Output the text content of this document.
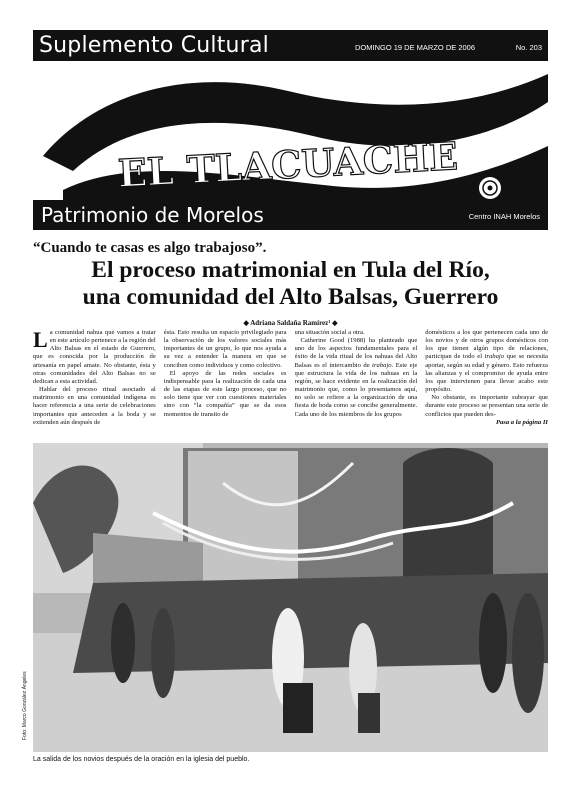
Suplemento Cultural	DOMINGO 19 DE MARZO DE 2006	No. 203
EL TLACUACHE
Patrimonio de Morelos	Centro INAH Morelos
“Cuando te casas es algo trabajoso”.
El proceso matrimonial en Tula del Río,
una comunidad del Alto Balsas, Guerrero
◆ Adriana Saldaña Ramírez¹ ◆

La comunidad nahua que vamos a tratar en este artículo pertenece a la región del Alto Balsas en el estado de Guerrero, que es conocida por la producción de artesanía en papel amate. No obstante, ésta y otras comunidades del Alto Balsas no se dedican a esta actividad.

Hablar del proceso ritual asociado al matrimonio en una comunidad indígena es hacer referencia a una serie de celebraciones importantes que anteceden a la boda y se extienden aún después de

ésta. Esto resulta un espacio privilegiado para la observación de los valores sociales más importantes de un grupo, lo que nos ayuda a su vez a entender la manera en que se conciben como individuos y como colectivo.

El apoyo de las redes sociales es indispensable para la realización de cada una de las etapas de este largo proceso, que no solo tiene que ver con cuestiones materiales sino con “la compañía” que se da esos momentos de transito de

una situación social a otra.

Catherine Good (1988) ha planteado que uno de los aspectos fundamentales para el éxito de la vida ritual de los nahuas del Alto Balsas es el intercambio de trabajo. Este eje que estructura la vida de los nahuas en la región, se hace evidente en la realización del matrimonio que, como lo presentamos aquí, no solo se refiere a la organización de una fiesta de boda como se concibe generalmente. Cada uno de los miembros de los grupos

domésticos a los que pertenecen cada uno de los novios y de otros grupos domésticos con los que tienen algún tipo de relaciones, participan de todo el trabajo que se necesita aportar, según su edad y género. Esto refuerza las alianzas y el compromiso de ayuda entre los que intervienen para llevar acabo este propósito.

No obstante, es importante subrayar que durante este proceso se presentan una serie de conflictos que pueden des-

Pasa a la página II
Foto: Marco González Ángeles
La salida de los novios después de la oración en la iglesia del pueblo.
